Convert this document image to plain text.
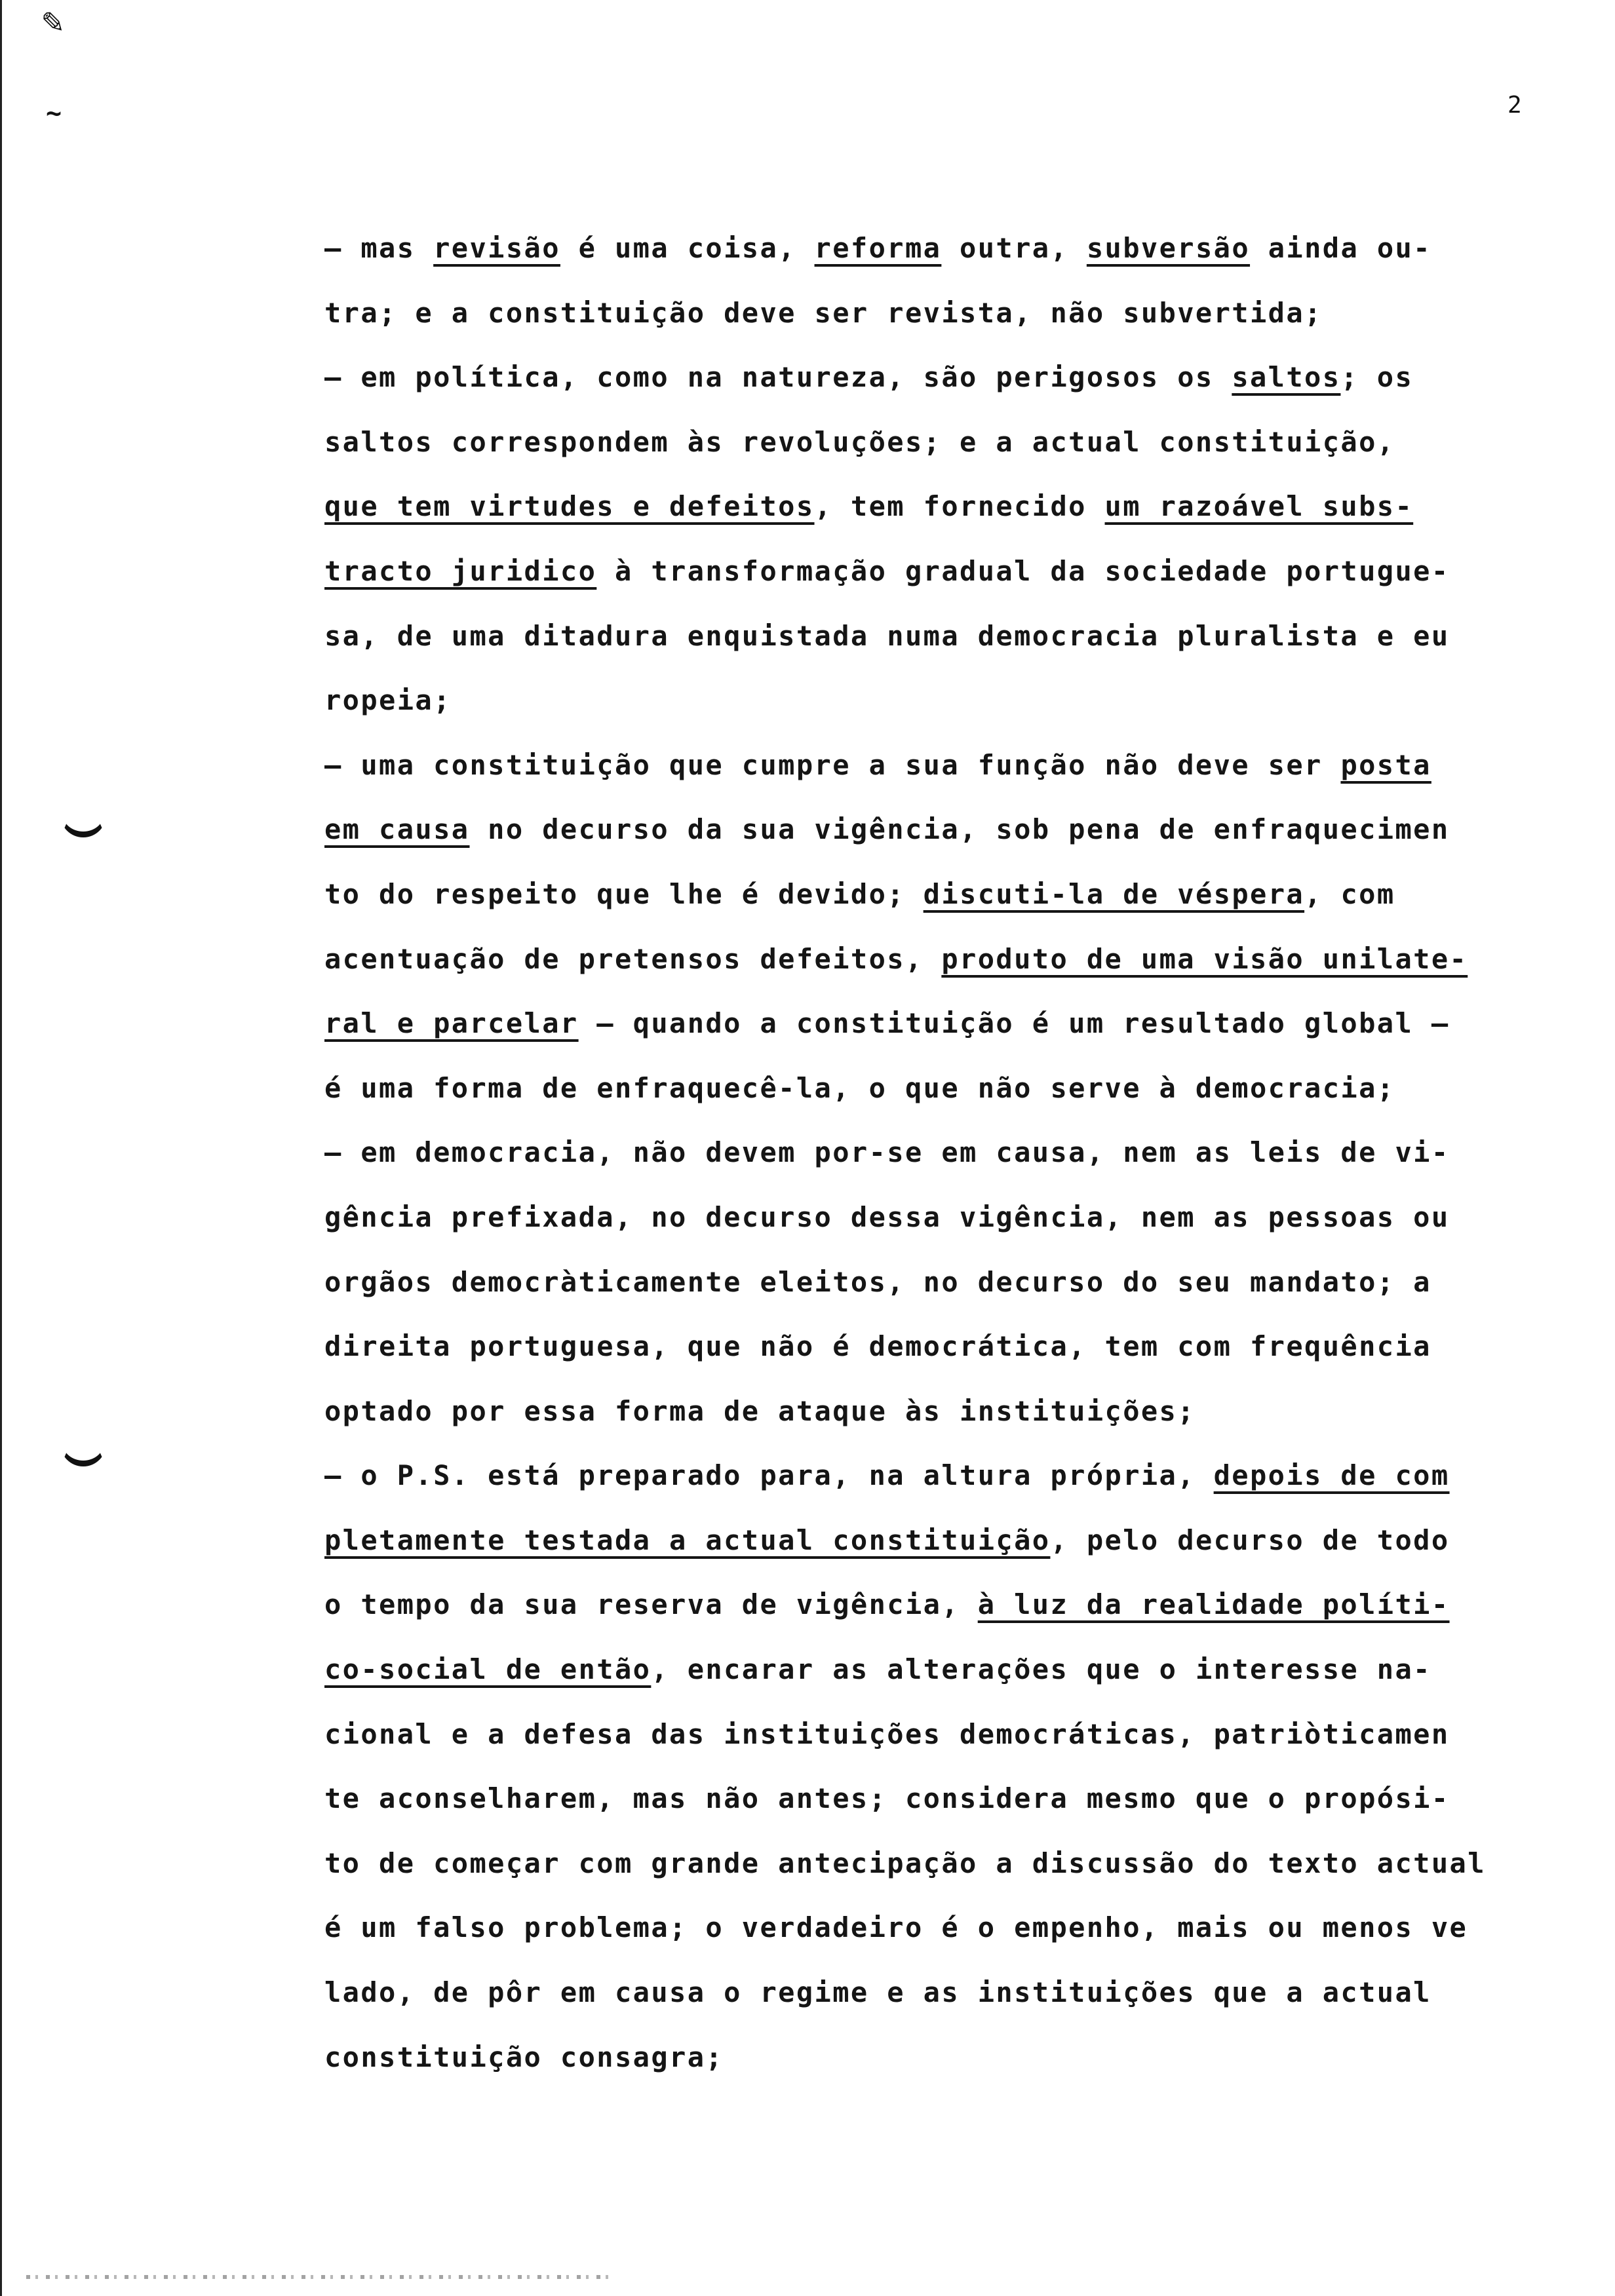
✎
~	2
– mas revisão é uma coisa, reforma outra, subversão ainda ou-
tra; e a constituição deve ser revista, não subvertida;
– em política, como na natureza, são perigosos os saltos; os
saltos correspondem às revoluções; e a actual constituição,
que tem virtudes e defeitos, tem fornecido um razoável subs-
tracto juridico à transformação gradual da sociedade portugue-
sa, de uma ditadura enquistada numa democracia pluralista e eu
ropeia;
– uma constituição que cumpre a sua função não deve ser posta
em causa no decurso da sua vigência, sob pena de enfraquecimen
to do respeito que lhe é devido; discuti-la de véspera, com
acentuação de pretensos defeitos, produto de uma visão unilate-
ral e parcelar – quando a constituição é um resultado global –
é uma forma de enfraquecê-la, o que não serve à democracia;
– em democracia, não devem por-se em causa, nem as leis de vi-
gência prefixada, no decurso dessa vigência, nem as pessoas ou
orgãos democràticamente eleitos, no decurso do seu mandato; a
direita portuguesa, que não é democrática, tem com frequência
optado por essa forma de ataque às instituições;
– o P.S. está preparado para, na altura própria, depois de com
pletamente testada a actual constituição, pelo decurso de todo
o tempo da sua reserva de vigência, à luz da realidade políti-
co-social de então, encarar as alterações que o interesse na-
cional e a defesa das instituições democráticas, patriòticamen
te aconselharem, mas não antes; considera mesmo que o propósi-
to de começar com grande antecipação a discussão do texto actual
é um falso problema; o verdadeiro é o empenho, mais ou menos ve
lado, de pôr em causa o regime e as instituições que a actual
constituição consagra;
